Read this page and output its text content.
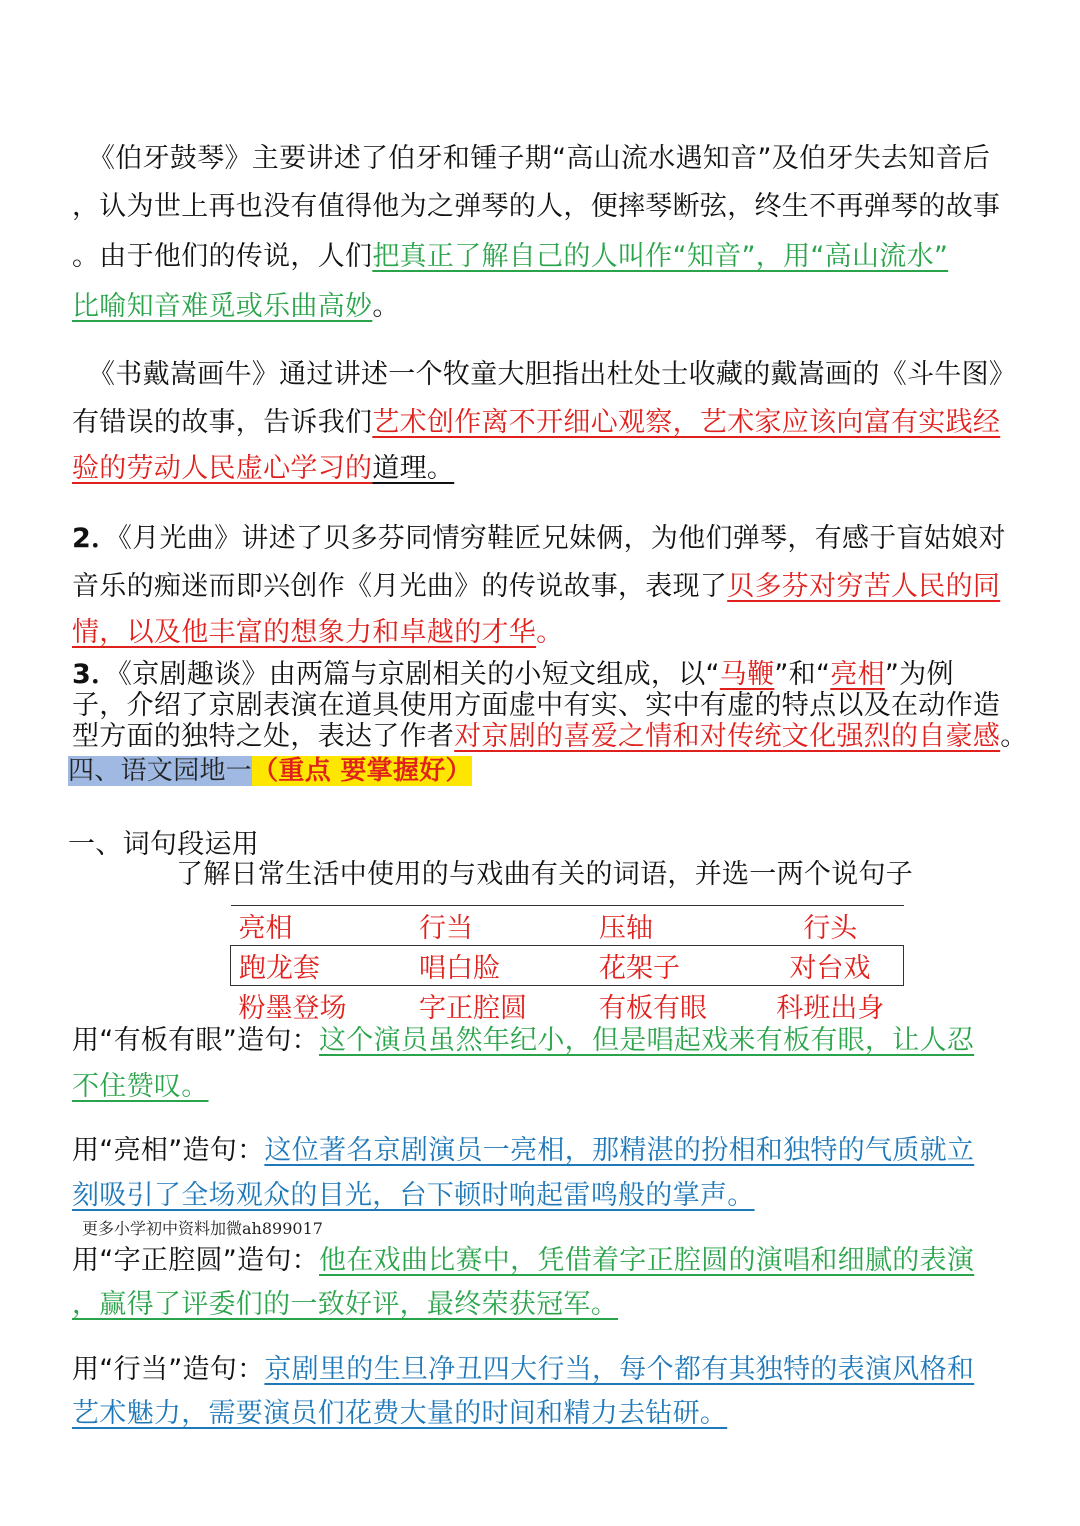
《伯牙鼓琴》主要讲述了伯牙和锺子期“高山流水遇知音”及伯牙失去知音后
，认为世上再也没有值得他为之弹琴的人，便摔琴断弦，终生不再弹琴的故事
。由于他们的传说，人们把真正了解自己的人叫作“知音”，用“高山流水”
比喻知音难觅或乐曲高妙。
《书戴嵩画牛》通过讲述一个牧童大胆指出杜处士收藏的戴嵩画的《斗牛图》
有错误的故事，告诉我们艺术创作离不开细心观察，艺术家应该向富有实践经
验的劳动人民虚心学习的道理。
2．《月光曲》讲述了贝多芬同情穷鞋匠兄妹俩，为他们弹琴，有感于盲姑娘对
音乐的痴迷而即兴创作《月光曲》的传说故事，表现了贝多芬对穷苦人民的同
情，以及他丰富的想象力和卓越的才华。
3．《京剧趣谈》由两篇与京剧相关的小短文组成，以“马鞭”和“亮相”为例
子，介绍了京剧表演在道具使用方面虚中有实、实中有虚的特点以及在动作造
型方面的独特之处，表达了作者对京剧的喜爱之情和对传统文化强烈的自豪感。
四、语文园地一（重点 要掌握好）
一、词句段运用
了解日常生活中使用的与戏曲有关的词语，并选一两个说句子
亮相	行当	压轴	行头
跑龙套	唱白脸	花架子	对台戏
粉墨登场	字正腔圆	有板有眼	科班出身
用“有板有眼”造句：这个演员虽然年纪小，但是唱起戏来有板有眼，让人忍
不住赞叹。
用“亮相”造句：这位著名京剧演员一亮相，那精湛的扮相和独特的气质就立
刻吸引了全场观众的目光，台下顿时响起雷鸣般的掌声。
更多小学初中资料加微ah899017
用“字正腔圆”造句：他在戏曲比赛中，凭借着字正腔圆的演唱和细腻的表演
，赢得了评委们的一致好评，最终荣获冠军。
用“行当”造句：京剧里的生旦净丑四大行当，每个都有其独特的表演风格和
艺术魅力，需要演员们花费大量的时间和精力去钻研。
